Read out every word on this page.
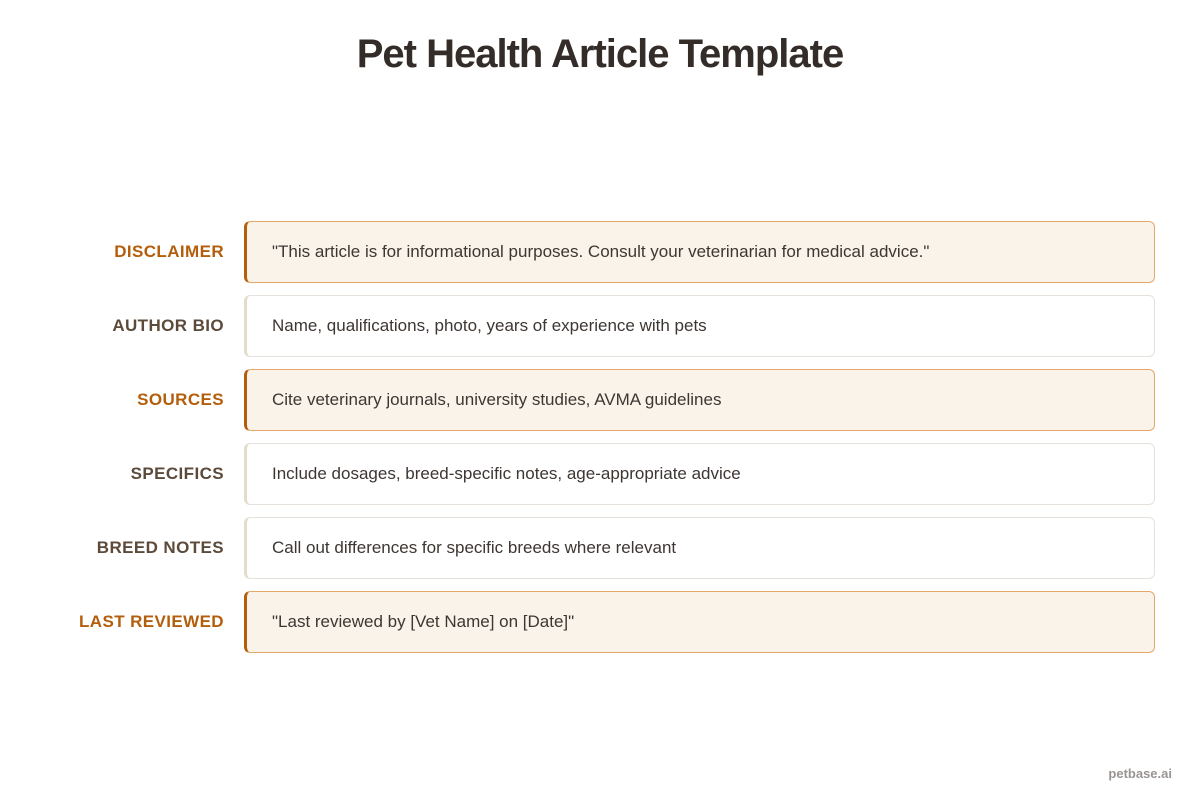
Pet Health Article Template
DISCLAIMER	"This article is for informational purposes. Consult your veterinarian for medical advice."
AUTHOR BIO	Name, qualifications, photo, years of experience with pets
SOURCES	Cite veterinary journals, university studies, AVMA guidelines
SPECIFICS	Include dosages, breed-specific notes, age-appropriate advice
BREED NOTES	Call out differences for specific breeds where relevant
LAST REVIEWED	"Last reviewed by [Vet Name] on [Date]"
petbase.ai
